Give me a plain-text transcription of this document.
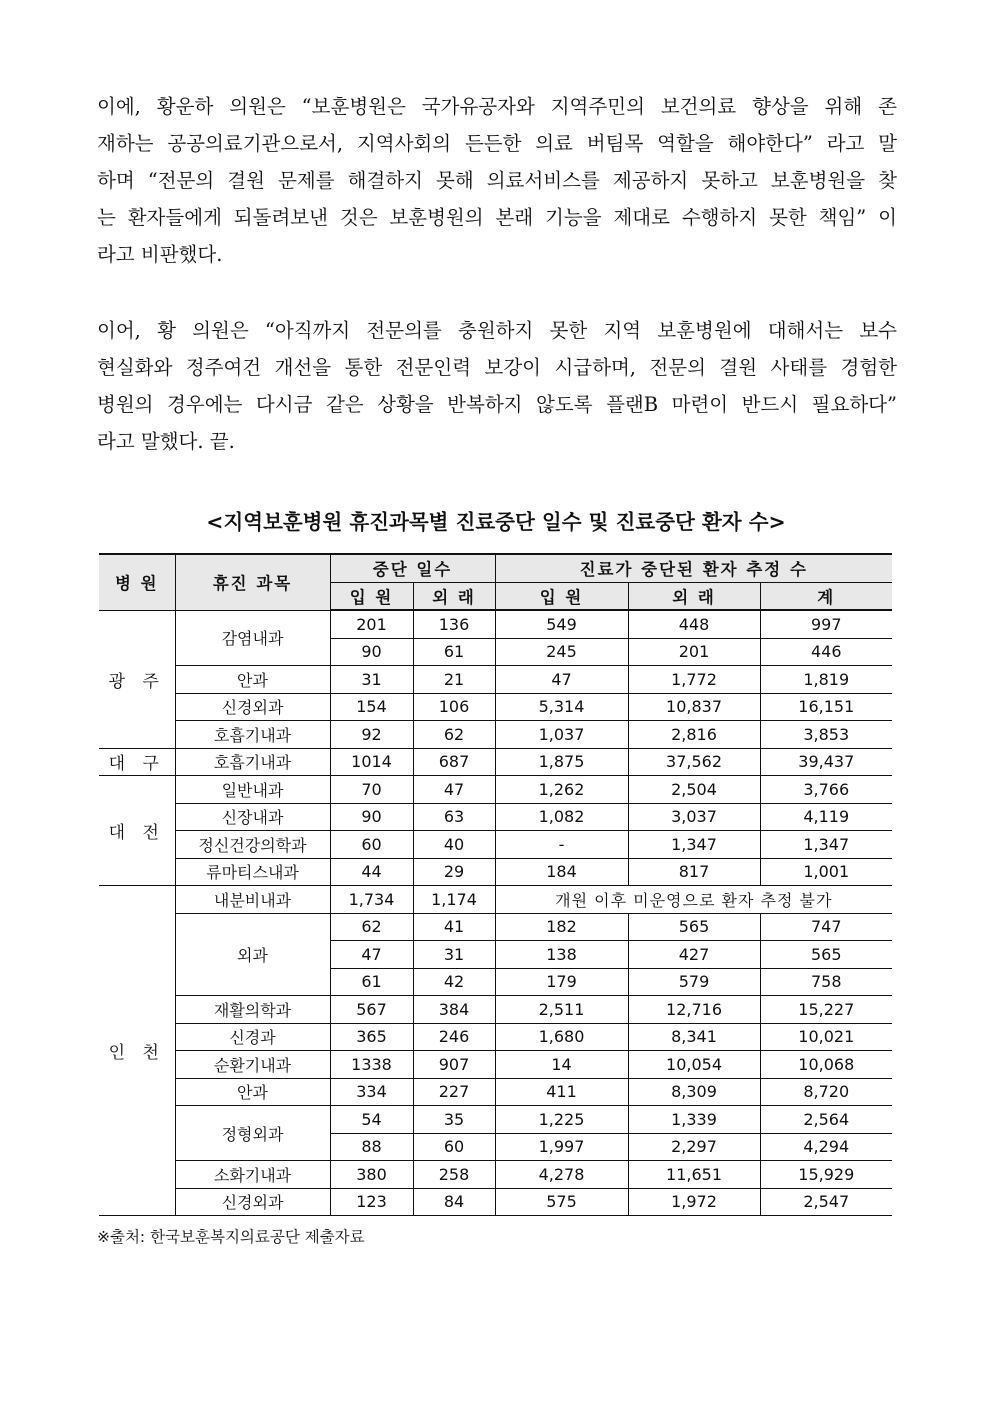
이에, 황운하 의원은 “보훈병원은 국가유공자와 지역주민의 보건의료 향상을 위해 존
재하는 공공의료기관으로서, 지역사회의 든든한 의료 버팀목 역할을 해야한다” 라고 말
하며 “전문의 결원 문제를 해결하지 못해 의료서비스를 제공하지 못하고 보훈병원을 찾
는 환자들에게 되돌려보낸 것은 보훈병원의 본래 기능을 제대로 수행하지 못한 책임” 이
라고 비판했다.
이어, 황 의원은 “아직까지 전문의를 충원하지 못한 지역 보훈병원에 대해서는 보수
현실화와 정주여건 개선을 통한 전문인력 보강이 시급하며, 전문의 결원 사태를 경험한
병원의 경우에는 다시금 같은 상황을 반복하지 않도록 플랜B 마련이 반드시 필요하다”
라고 말했다. 끝.
<지역보훈병원 휴진과목별 진료중단 일수 및 진료중단 환자 수>
병 원	휴진 과목	중단 일수		진료가 중단된 환자 추정 수		
		입 원	외 래	입 원	외 래	계
광 주	감염내과	201	136	549	448	997
		90	61	245	201	446
	안과	31	21	47	1,772	1,819
	신경외과	154	106	5,314	10,837	16,151
	호흡기내과	92	62	1,037	2,816	3,853
대 구	호흡기내과	1014	687	1,875	37,562	39,437
대 전	일반내과	70	47	1,262	2,504	3,766
	신장내과	90	63	1,082	3,037	4,119
	정신건강의학과	60	40	-	1,347	1,347
	류마티스내과	44	29	184	817	1,001
인 천	내분비내과	1,734	1,174	개원 이후 미운영으로 환자 추정 불가		
	외과	62	41	182	565	747
		47	31	138	427	565
		61	42	179	579	758
	재활의학과	567	384	2,511	12,716	15,227
	신경과	365	246	1,680	8,341	10,021
	순환기내과	1338	907	14	10,054	10,068
	안과	334	227	411	8,309	8,720
	정형외과	54	35	1,225	1,339	2,564
		88	60	1,997	2,297	4,294
	소화기내과	380	258	4,278	11,651	15,929
	신경외과	123	84	575	1,972	2,547
※출처: 한국보훈복지의료공단 제출자료
